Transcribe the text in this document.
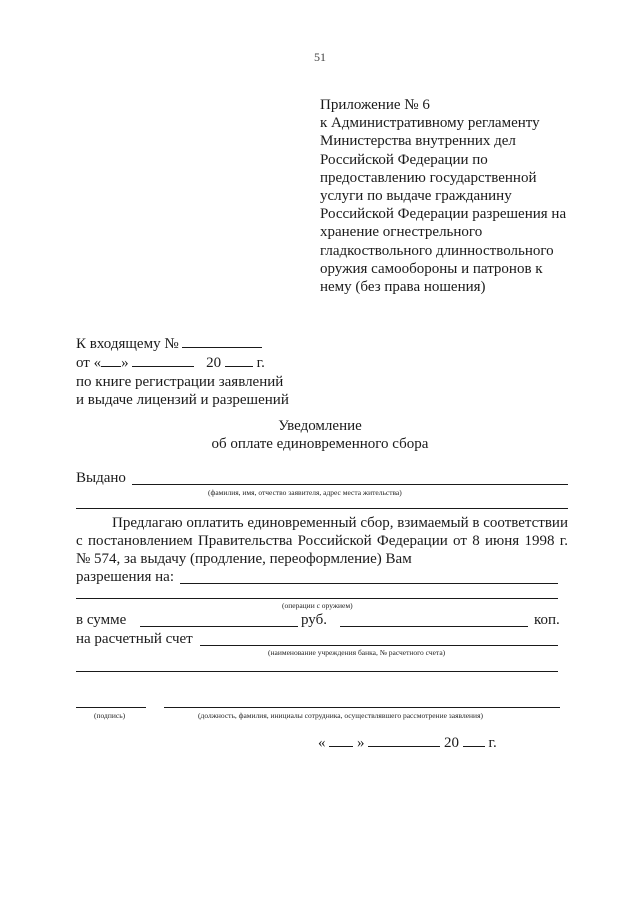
51
Приложение № 6
к Административному регламенту
Министерства внутренних дел
Российской Федерации по
предоставлению государственной
услуги по выдаче гражданину
Российской Федерации разрешения на
хранение огнестрельного
гладкоствольного длинноствольного
оружия самообороны и патронов к
нему (без права ношения)
К входящему №
от « »	20 г.
по книге регистрации заявлений
и выдаче лицензий и разрешений
Уведомление
об оплате единовременного сбора
Выдано
(фамилия, имя, отчество заявителя, адрес места жительства)
Предлагаю оплатить единовременный сбор, взимаемый в соответствии с постановлением Правительства Российской Федерации от 8 июня 1998 г. № 574, за выдачу (продление, переоформление) Вам
разрешения на:
(операции с оружием)
в сумме	руб.	коп.
на расчетный счет
(наименование учреждения банка, № расчетного счета)
(подпись)	(должность, фамилия, инициалы сотрудника, осуществлявшего рассмотрение заявления)
« »	20 г.
